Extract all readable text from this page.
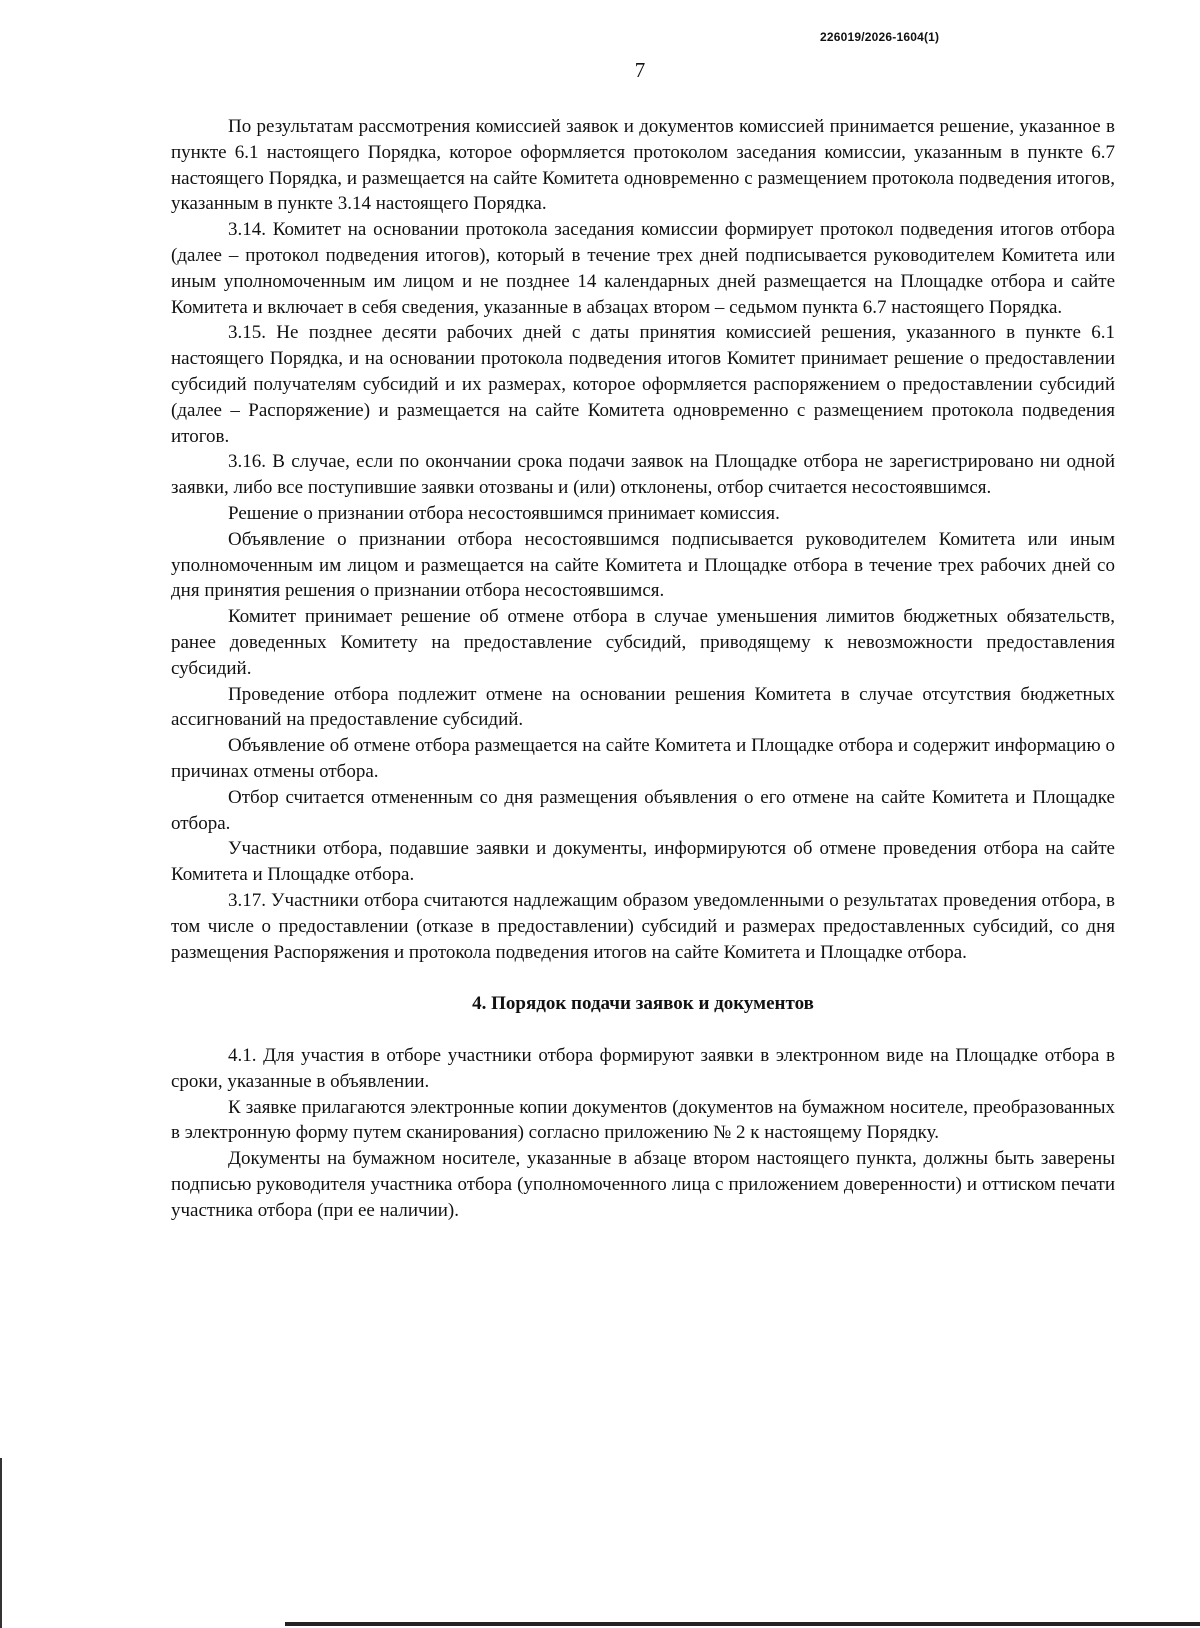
226019/2026-1604(1)
7

По результатам рассмотрения комиссией заявок и документов комиссией принимается решение, указанное в пункте 6.1 настоящего Порядка, которое оформляется протоколом заседания комиссии, указанным в пункте 6.7 настоящего Порядка, и размещается на сайте Комитета одновременно с размещением протокола подведения итогов, указанным в пункте 3.14 настоящего Порядка.

3.14. Комитет на основании протокола заседания комиссии формирует протокол подведения итогов отбора (далее – протокол подведения итогов), который в течение трех дней подписывается руководителем Комитета или иным уполномоченным им лицом и не позднее 14 календарных дней размещается на Площадке отбора и сайте Комитета и включает в себя сведения, указанные в абзацах втором – седьмом пункта 6.7 настоящего Порядка.

3.15. Не позднее десяти рабочих дней с даты принятия комиссией решения, указанного в пункте 6.1 настоящего Порядка, и на основании протокола подведения итогов Комитет принимает решение о предоставлении субсидий получателям субсидий и их размерах, которое оформляется распоряжением о предоставлении субсидий (далее – Распоряжение) и размещается на сайте Комитета одновременно с размещением протокола подведения итогов.

3.16. В случае, если по окончании срока подачи заявок на Площадке отбора не зарегистрировано ни одной заявки, либо все поступившие заявки отозваны и (или) отклонены, отбор считается несостоявшимся.

Решение о признании отбора несостоявшимся принимает комиссия.

Объявление о признании отбора несостоявшимся подписывается руководителем Комитета или иным уполномоченным им лицом и размещается на сайте Комитета и Площадке отбора в течение трех рабочих дней со дня принятия решения о признании отбора несостоявшимся.

Комитет принимает решение об отмене отбора в случае уменьшения лимитов бюджетных обязательств, ранее доведенных Комитету на предоставление субсидий, приводящему к невозможности предоставления субсидий.

Проведение отбора подлежит отмене на основании решения Комитета в случае отсутствия бюджетных ассигнований на предоставление субсидий.

Объявление об отмене отбора размещается на сайте Комитета и Площадке отбора и содержит информацию о причинах отмены отбора.

Отбор считается отмененным со дня размещения объявления о его отмене на сайте Комитета и Площадке отбора.

Участники отбора, подавшие заявки и документы, информируются об отмене проведения отбора на сайте Комитета и Площадке отбора.

3.17. Участники отбора считаются надлежащим образом уведомленными о результатах проведения отбора, в том числе о предоставлении (отказе в предоставлении) субсидий и размерах предоставленных субсидий, со дня размещения Распоряжения и протокола подведения итогов на сайте Комитета и Площадке отбора.

4. Порядок подачи заявок и документов

4.1. Для участия в отборе участники отбора формируют заявки в электронном виде на Площадке отбора в сроки, указанные в объявлении.

К заявке прилагаются электронные копии документов (документов на бумажном носителе, преобразованных в электронную форму путем сканирования) согласно приложению № 2 к настоящему Порядку.

Документы на бумажном носителе, указанные в абзаце втором настоящего пункта, должны быть заверены подписью руководителя участника отбора (уполномоченного лица с приложением доверенности) и оттиском печати участника отбора (при ее наличии).
